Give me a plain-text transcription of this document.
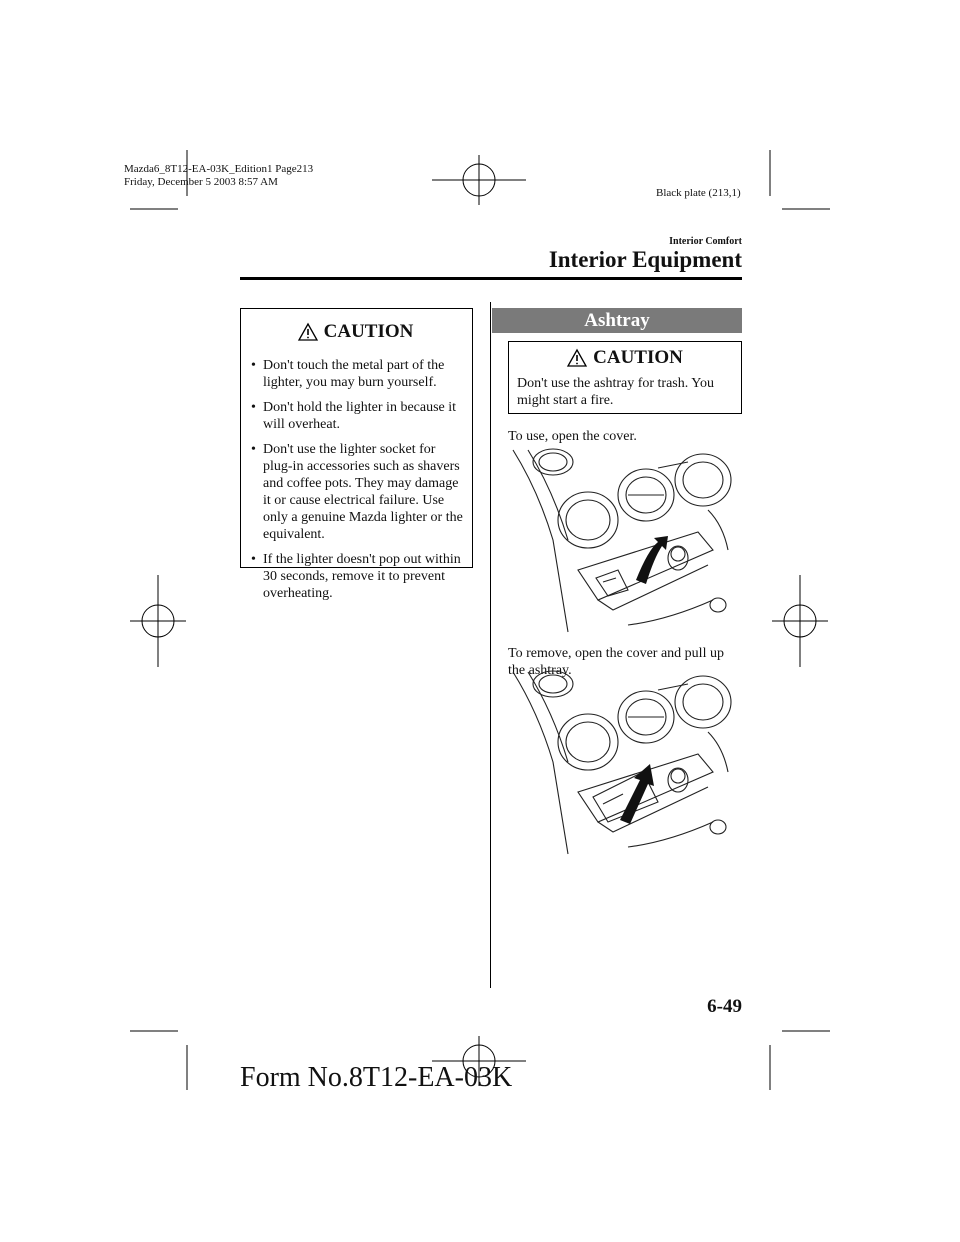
Mazda6_8T12-EA-03K_Edition1 Page213
Friday, December 5 2003 8:57 AM
Black plate (213,1)
Interior Comfort
Interior Equipment
CAUTION
• Don't touch the metal part of the lighter, you may burn yourself.
• Don't hold the lighter in because it will overheat.
• Don't use the lighter socket for plug-in accessories such as shavers and coffee pots. They may damage it or cause electrical failure. Use only a genuine Mazda lighter or the equivalent.
• If the lighter doesn't pop out within 30 seconds, remove it to prevent overheating.
Ashtray
CAUTION
Don't use the ashtray for trash. You might start a fire.
To use, open the cover.
To remove, open the cover and pull up the ashtray.
6-49
Form No.8T12-EA-03K
